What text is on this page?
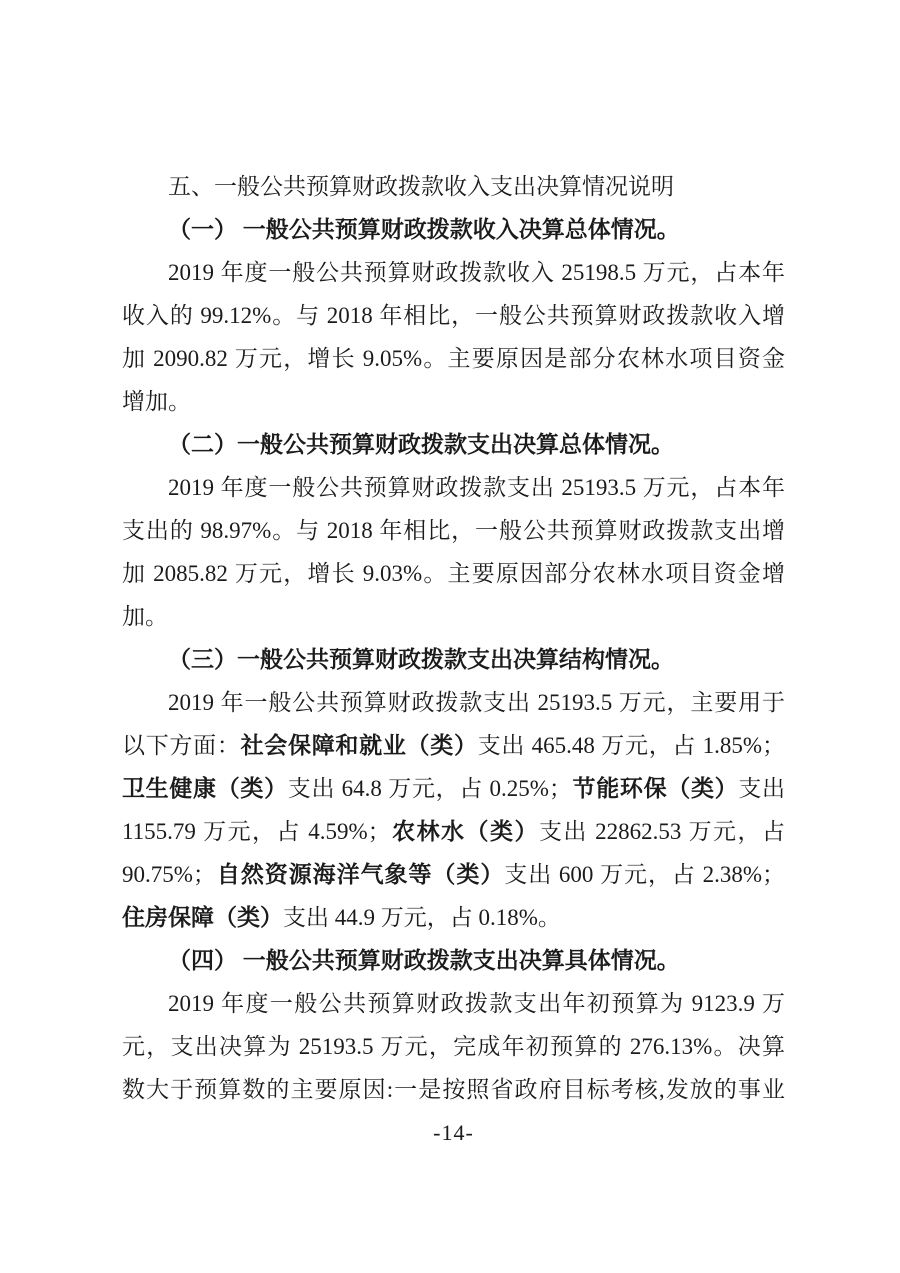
五、一般公共预算财政拨款收入支出决算情况说明
（一） 一般公共预算财政拨款收入决算总体情况。
2019 年度一般公共预算财政拨款收入 25198.5 万元，占本年
收入的 99.12%。与 2018 年相比，一般公共预算财政拨款收入增
加 2090.82 万元，增长 9.05%。主要原因是部分农林水项目资金
增加。
（二）一般公共预算财政拨款支出决算总体情况。
2019 年度一般公共预算财政拨款支出 25193.5 万元，占本年
支出的 98.97%。与 2018 年相比，一般公共预算财政拨款支出增
加 2085.82 万元，增长 9.03%。主要原因部分农林水项目资金增
加。
（三）一般公共预算财政拨款支出决算结构情况。
2019 年一般公共预算财政拨款支出 25193.5 万元，主要用于
以下方面：社会保障和就业（类）支出 465.48 万元，占 1.85%；
卫生健康（类）支出 64.8 万元，占 0.25%；节能环保（类）支出
1155.79 万元，占 4.59%；农林水（类）支出 22862.53 万元，占
90.75%；自然资源海洋气象等（类）支出 600 万元，占 2.38%；
住房保障（类）支出 44.9 万元，占 0.18%。
（四） 一般公共预算财政拨款支出决算具体情况。
2019 年度一般公共预算财政拨款支出年初预算为 9123.9 万
元，支出决算为 25193.5 万元，完成年初预算的 276.13%。决算
数大于预算数的主要原因:一是按照省政府目标考核,发放的事业
-14-
